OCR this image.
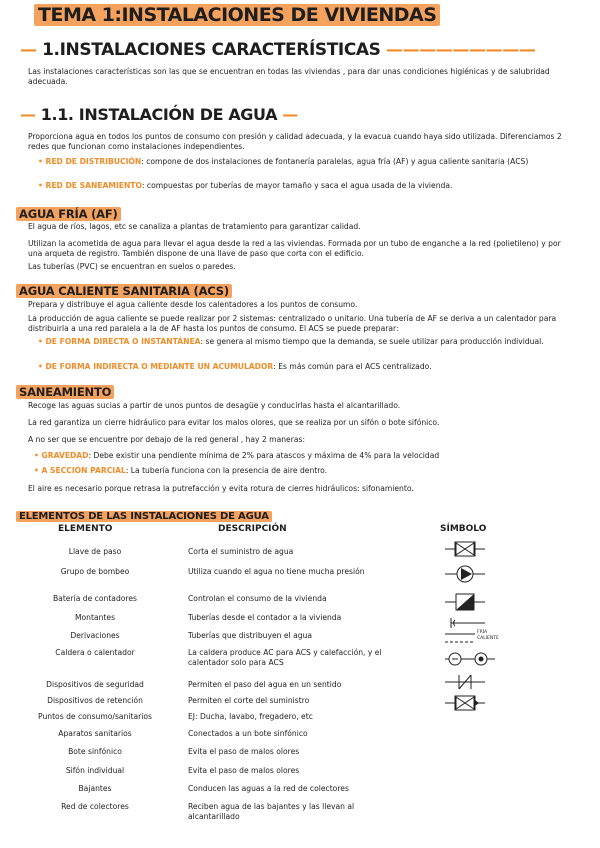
TEMA 1:INSTALACIONES DE VIVIENDAS
— 1.INSTALACIONES CARACTERÍSTICAS —————————
Las instalaciones características son las que se encuentran en todas las viviendas , para dar unas condiciones higiénicas y de salubridad adecuada.
— 1.1. INSTALACIÓN DE AGUA —
Proporciona agua en todos los puntos de consumo con presión y calidad adecuada, y la evacua cuando haya sido utilizada. Diferenciamos 2 redes que funcionan como instalaciones independientes.
• RED DE DISTRIBUCIÓN: compone de dos instalaciones de fontanería paralelas, agua fría (AF) y agua caliente sanitaria (ACS)
• RED DE SANEAMIENTO: compuestas por tuberías de mayor tamaño y saca el agua usada de la vivienda.
AGUA FRÍA (AF)
El agua de ríos, lagos, etc se canaliza a plantas de tratamiento para garantizar calidad.
Utilizan la acometida de agua para llevar el agua desde la red a las viviendas. Formada por un tubo de enganche a la red (polietileno) y por una arqueta de registro. También dispone de una llave de paso que corta con el edificio.
Las tuberías (PVC) se encuentran en suelos o paredes.
AGUA CALIENTE SANITARIA (ACS)
Prepara y distribuye el agua caliente desde los calentadores a los puntos de consumo.
La producción de agua caliente se puede realizar por 2 sistemas: centralizado o unitario. Una tubería de AF se deriva a un calentador para distribuirla a una red paralela a la de AF hasta los puntos de consumo. El ACS se puede preparar:
• DE FORMA DIRECTA O INSTANTÁNEA: se genera al mismo tiempo que la demanda, se suele utilizar para producción individual.
• DE FORMA INDIRECTA O MEDIANTE UN ACUMULADOR: Es más común para el ACS centralizado.
SANEAMIENTO
Recoge las aguas sucias a partir de unos puntos de desagüe y conducirlas hasta el alcantarillado.
La red garantiza un cierre hidráulico para evitar los malos olores, que se realiza por un sifón o bote sifónico.
A no ser que se encuentre por debajo de la red general , hay 2 maneras:
• GRAVEDAD: Debe existir una pendiente mínima de 2% para atascos y máxima de 4% para la velocidad
• A SECCIÓN PARCIAL: La tubería funciona con la presencia de aire dentro.
El aire es necesario porque retrasa la putrefacción y evita rotura de cierres hidráulicos: sifonamiento.
ELEMENTOS DE LAS INSTALACIONES DE AGUA
ELEMENTO	DESCRIPCIÓN	SÍMBOLO
Llave de paso	Corta el suministro de agua
Grupo de bombeo	Utiliza cuando el agua no tiene mucha presión
Batería de contadores	Controlan el consumo de la vivienda
Montantes	Tuberías desde el contador a la vivienda
Derivaciones	Tuberías que distribuyen el agua
Caldera o calentador	La caldera produce AC para ACS y calefacción, y el calentador solo para ACS
Dispositivos de seguridad	Permiten el paso del agua en un sentido
Dispositivos de retención	Permiten el corte del suministro
Puntos de consumo/sanitarios	EJ: Ducha, lavabo, fregadero, etc
Aparatos sanitarios	Conectados a un bote sinfónico
Bote sinfónico	Evita el paso de malos olores
Sifón individual	Evita el paso de malos olores
Bajantes	Conducen las aguas a la red de colectores
Red de colectores	Reciben agua de las bajantes y las llevan al alcantarillado
FRÍA
CALIENTE
